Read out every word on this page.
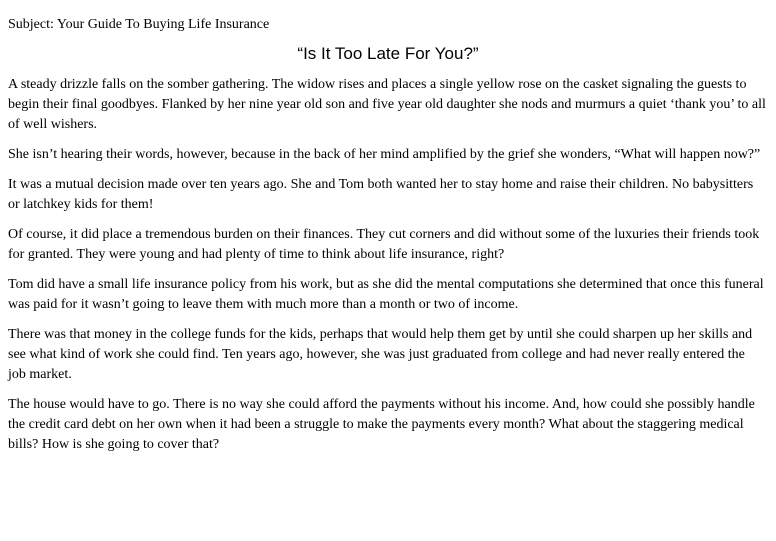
Subject: Your Guide To Buying Life Insurance
“Is It Too Late For You?”

A steady drizzle falls on the somber gathering. The widow rises and places a single yellow rose on the casket signaling the guests to begin their final goodbyes. Flanked by her nine year old son and five year old daughter she nods and murmurs a quiet ‘thank you’ to all of well wishers.

She isn’t hearing their words, however, because in the back of her mind amplified by the grief she wonders, “What will happen now?”

It was a mutual decision made over ten years ago. She and Tom both wanted her to stay home and raise their children. No babysitters or latchkey kids for them!

Of course, it did place a tremendous burden on their finances. They cut corners and did without some of the luxuries their friends took for granted. They were young and had plenty of time to think about life insurance, right?

Tom did have a small life insurance policy from his work, but as she did the mental computations she determined that once this funeral was paid for it wasn’t going to leave them with much more than a month or two of income.

There was that money in the college funds for the kids, perhaps that would help them get by until she could sharpen up her skills and see what kind of work she could find. Ten years ago, however, she was just graduated from college and had never really entered the job market.

The house would have to go. There is no way she could afford the payments without his income. And, how could she possibly handle the credit card debt on her own when it had been a struggle to make the payments every month? What about the staggering medical bills? How is she going to cover that?
